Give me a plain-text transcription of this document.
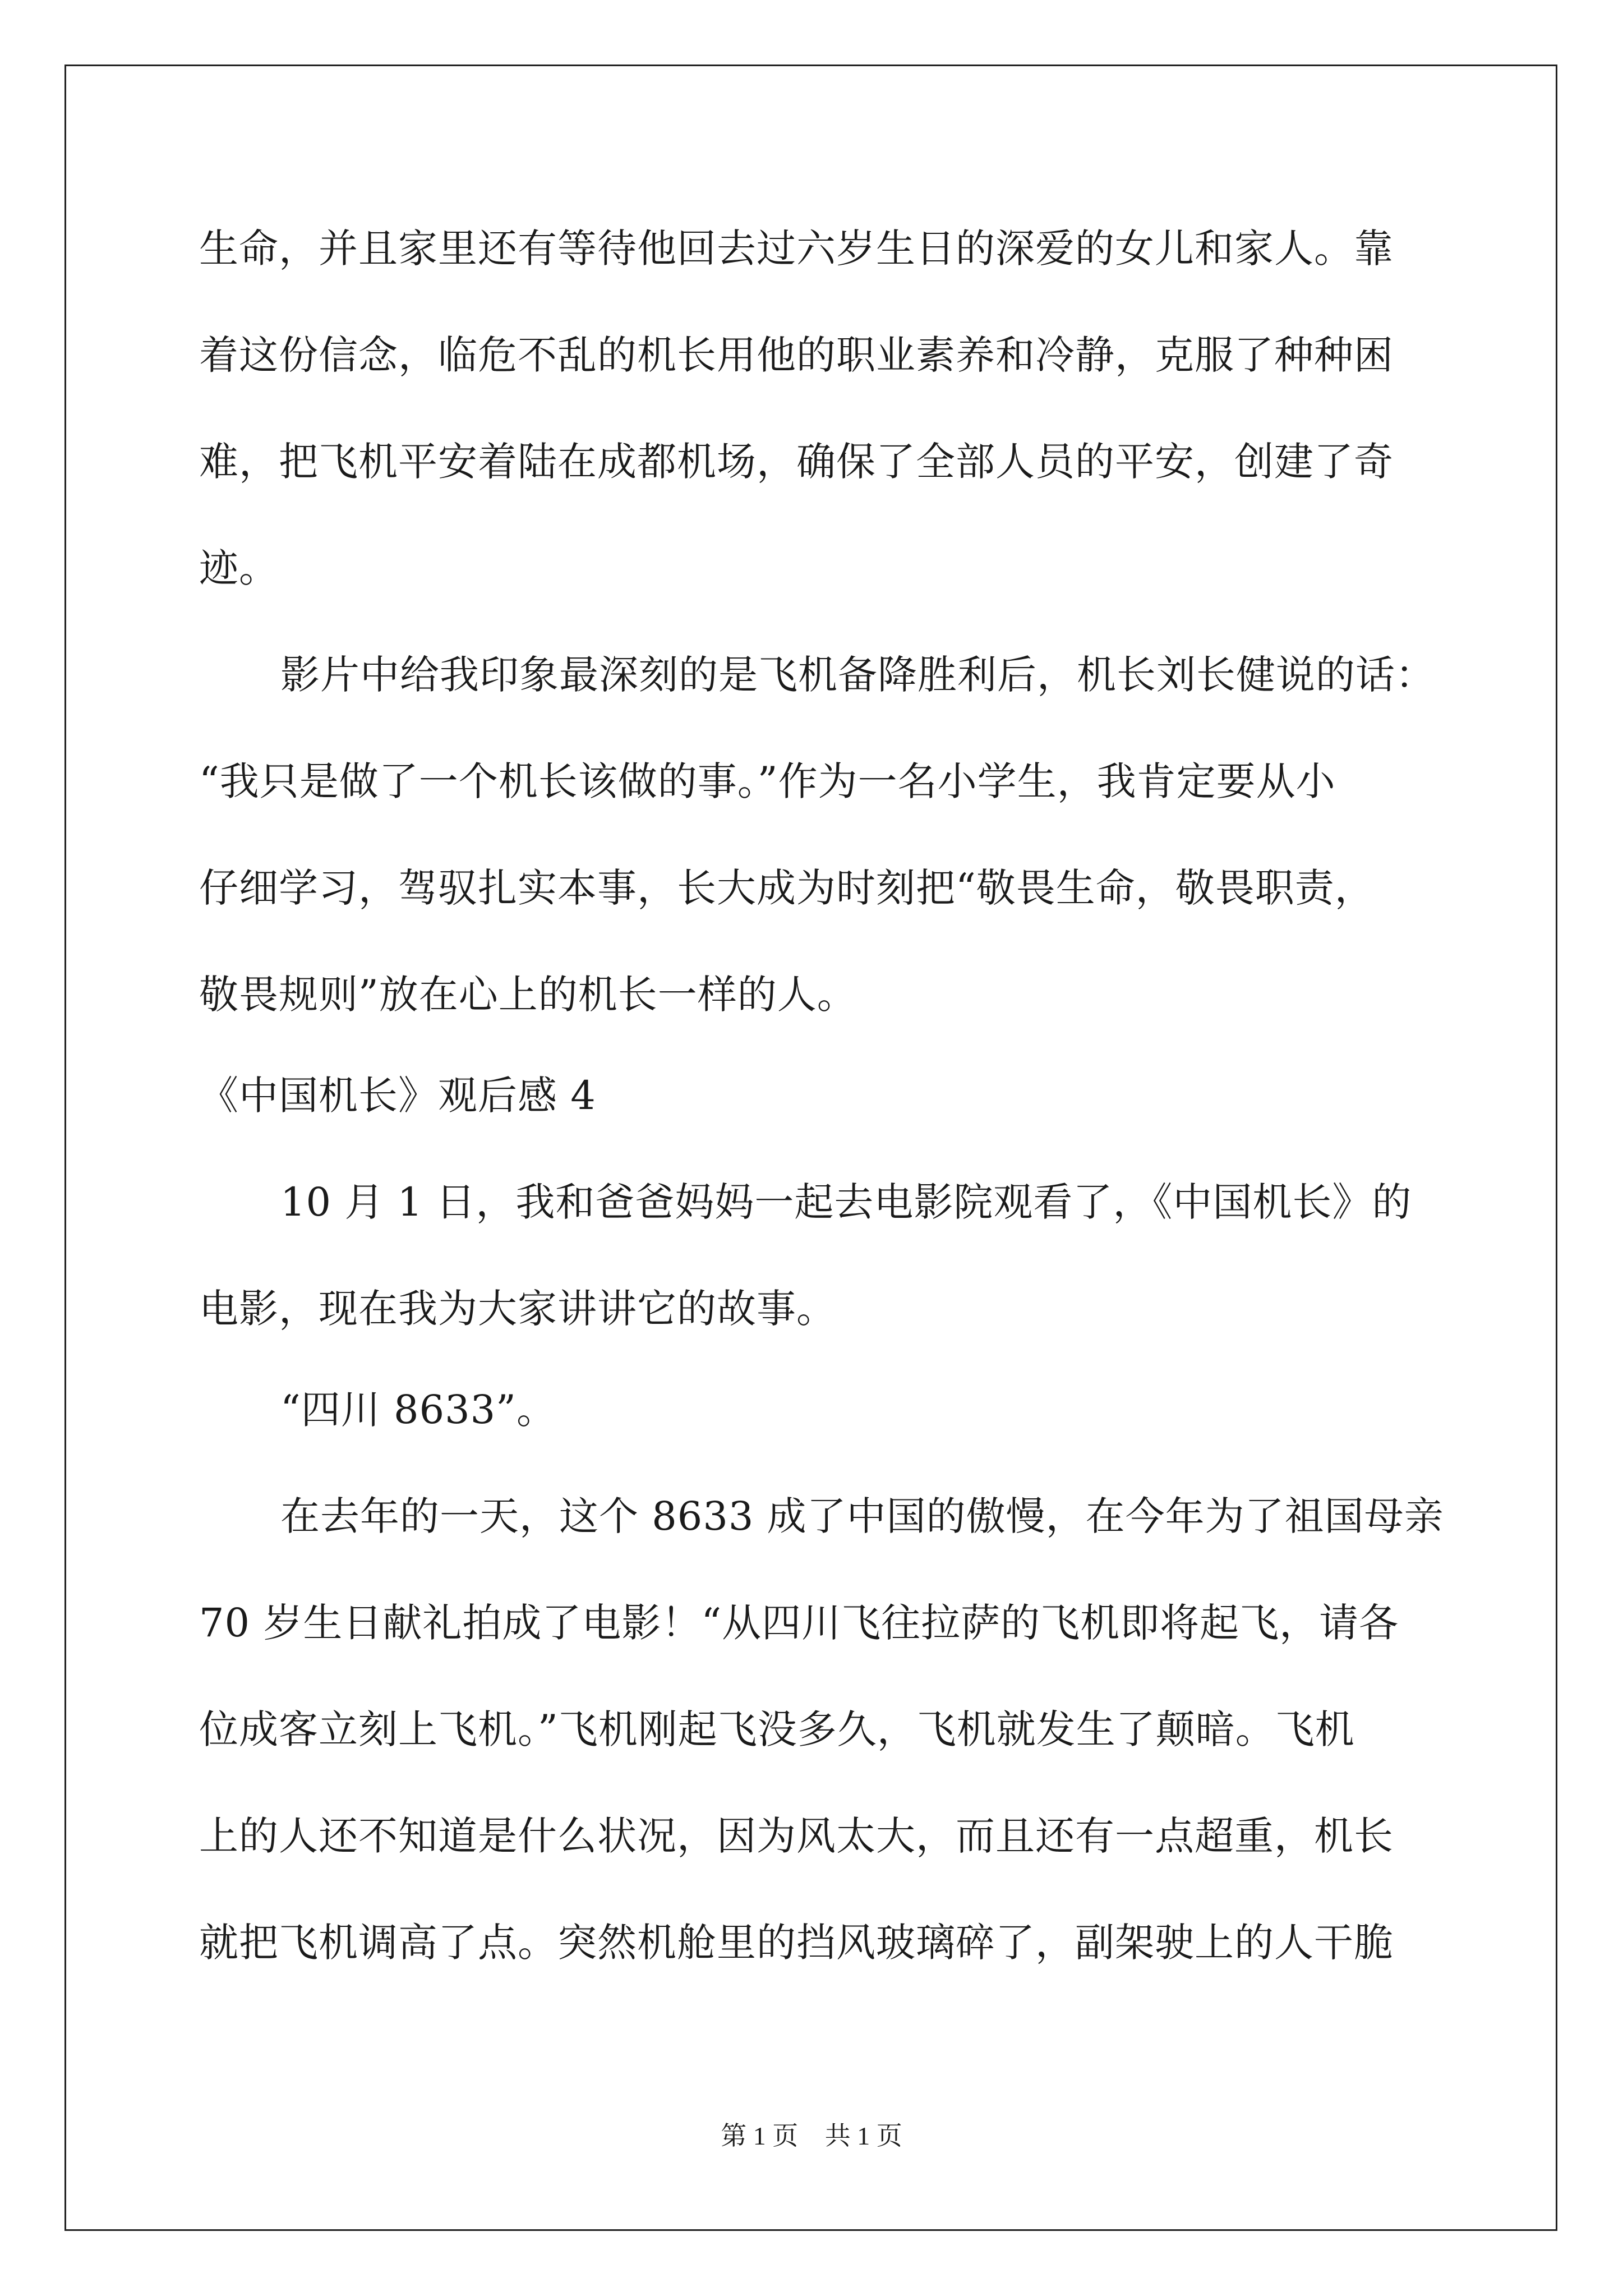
生命，并且家里还有等待他回去过六岁生日的深爱的女儿和家人。靠
着这份信念，临危不乱的机长用他的职业素养和冷静，克服了种种困
难，把飞机平安着陆在成都机场，确保了全部人员的平安，创建了奇
迹。
影片中给我印象最深刻的是飞机备降胜利后，机长刘长健说的话：
“我只是做了一个机长该做的事。”作为一名小学生，我肯定要从小
仔细学习，驾驭扎实本事，长大成为时刻把“敬畏生命，敬畏职责，
敬畏规则”放在心上的机长一样的人。
《中国机长》观后感 4
10 月 1 日，我和爸爸妈妈一起去电影院观看了，《中国机长》的
电影，现在我为大家讲讲它的故事。
“四川 8633”。
在去年的一天，这个 8633 成了中国的傲慢，在今年为了祖国母亲
70 岁生日献礼拍成了电影！“从四川飞往拉萨的飞机即将起飞，请各
位成客立刻上飞机。”飞机刚起飞没多久，飞机就发生了颠暗。飞机
上的人还不知道是什么状况，因为风太大，而且还有一点超重，机长
就把飞机调高了点。突然机舱里的挡风玻璃碎了，副架驶上的人干脆
第 1 页 共 1 页
